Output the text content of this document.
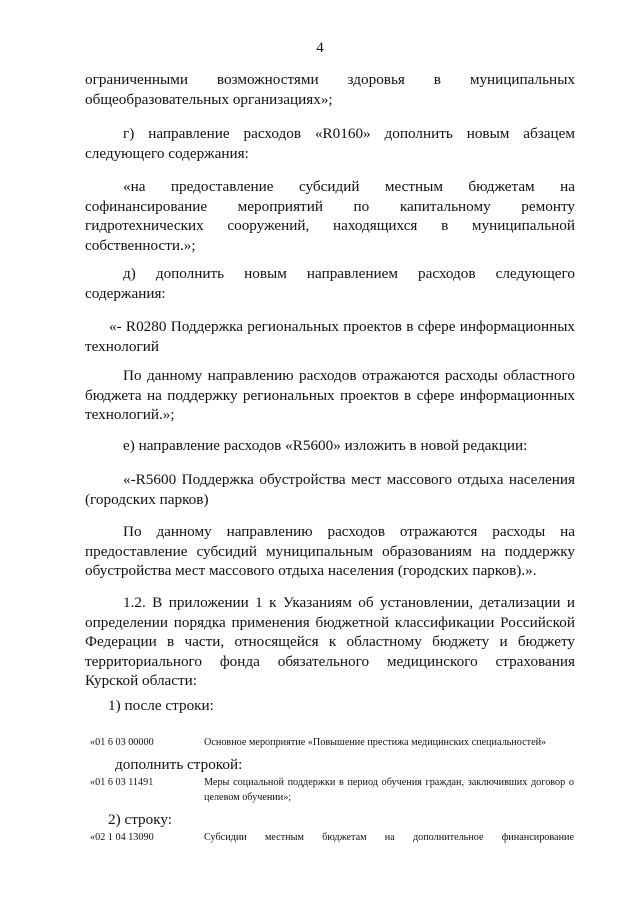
4

ограниченными возможностями здоровья в муниципальных

общеобразовательных организациях»;

г) направление расходов «R0160» дополнить новым абзацем следующего содержания:

«на предоставление субсидий местным бюджетам на софинансирование мероприятий по капитальному ремонту гидротехнических сооружений, находящихся в муниципальной собственности.»;

д) дополнить новым направлением расходов следующего содержания:

«- R0280 Поддержка региональных проектов в сфере информационных технологий

По данному направлению расходов отражаются расходы областного бюджета на поддержку региональных проектов в сфере информационных технологий.»;

е) направление расходов «R5600» изложить в новой редакции:

«-R5600 Поддержка обустройства мест массового отдыха населения (городских парков)

По данному направлению расходов отражаются расходы на предоставление субсидий муниципальным образованиям на поддержку обустройства мест массового отдыха населения (городских парков).».

1.2. В приложении 1 к Указаниям об установлении, детализации и определении порядка применения бюджетной классификации Российской Федерации в части, относящейся к областному бюджету и бюджету территориального фонда обязательного медицинского страхования Курской области:

1) после строки:

«01 6 03 00000	Основное мероприятие «Повышение престижа медицинских специальностей»

дополнить строкой:

«01 6 03 11491	Меры социальной поддержки в период обучения граждан, заключивших договор о целевом обучении»;

2) строку:

«02 1 04 13090	Субсидии местным бюджетам на дополнительное финансирование
